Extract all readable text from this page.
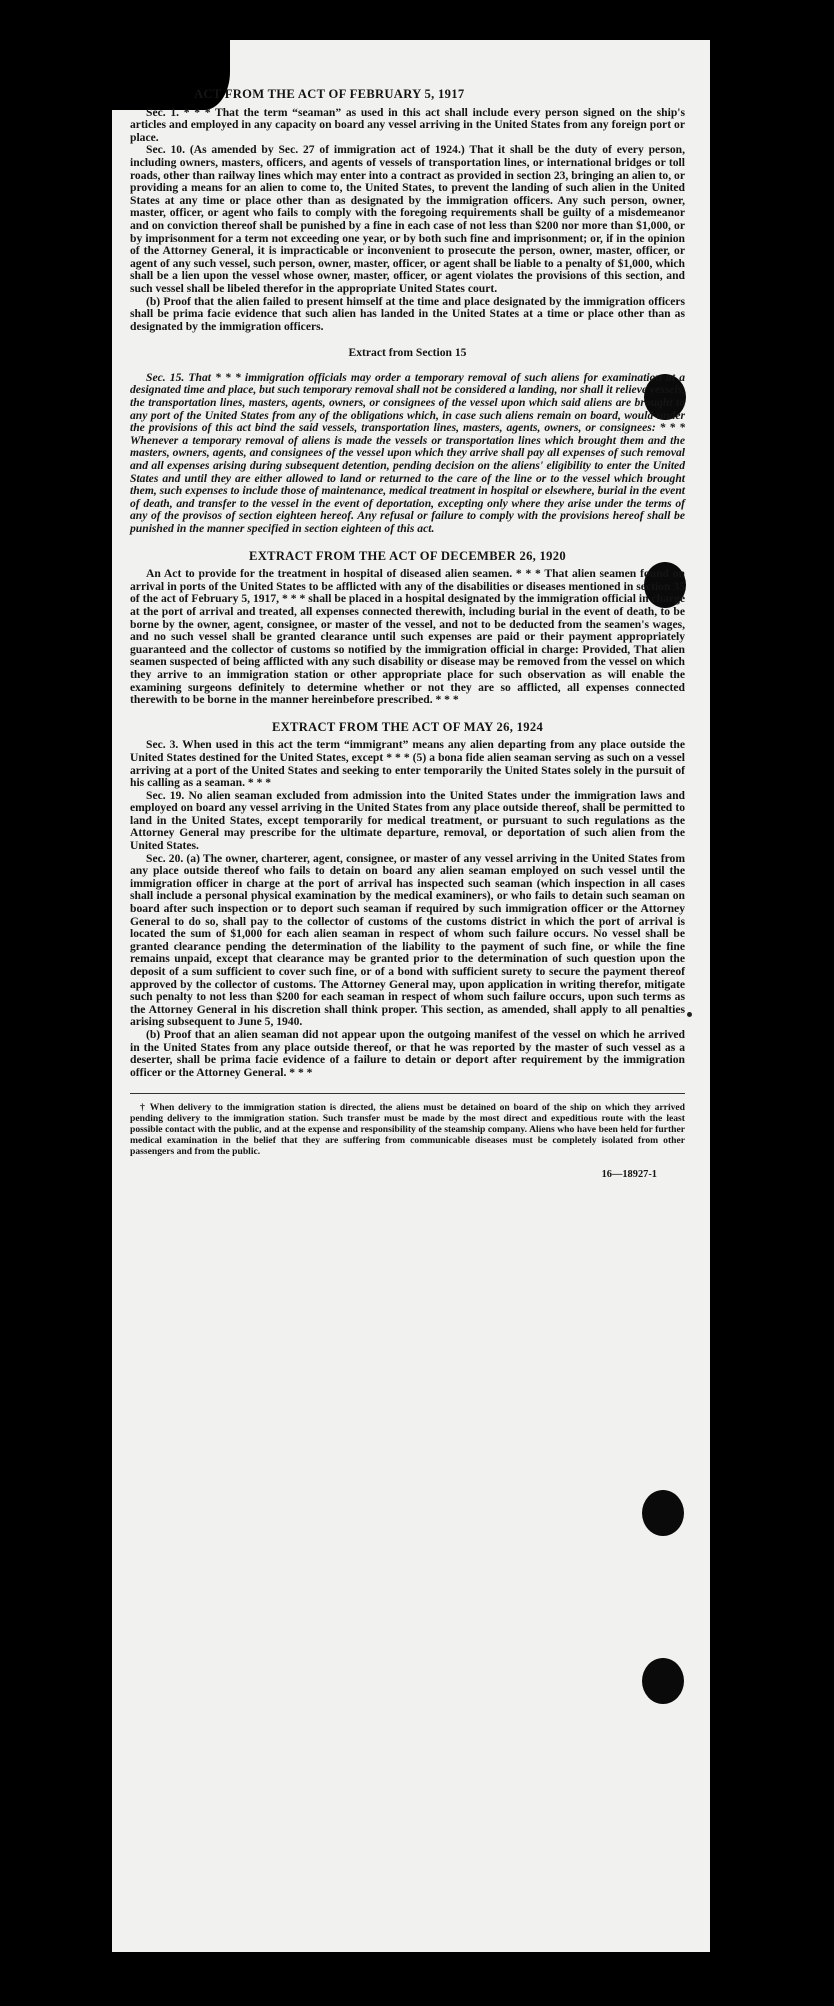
ACT FROM THE ACT OF FEBRUARY 5, 1917

Sec. 1. * * * That the term “seaman” as used in this act shall include every person signed on the ship's articles and employed in any capacity on board any vessel arriving in the United States from any foreign port or place.

Sec. 10. (As amended by Sec. 27 of immigration act of 1924.) That it shall be the duty of every person, including owners, masters, officers, and agents of vessels of transportation lines, or international bridges or toll roads, other than railway lines which may enter into a contract as provided in section 23, bringing an alien to, or providing a means for an alien to come to, the United States, to prevent the landing of such alien in the United States at any time or place other than as designated by the immigration officers. Any such person, owner, master, officer, or agent who fails to comply with the foregoing requirements shall be guilty of a misdemeanor and on conviction thereof shall be punished by a fine in each case of not less than $200 nor more than $1,000, or by imprisonment for a term not exceeding one year, or by both such fine and imprisonment; or, if in the opinion of the Attorney General, it is impracticable or inconvenient to prosecute the person, owner, master, officer, or agent of any such vessel, such person, owner, master, officer, or agent shall be liable to a penalty of $1,000, which shall be a lien upon the vessel whose owner, master, officer, or agent violates the provisions of this section, and such vessel shall be libeled therefor in the appropriate United States court.

(b) Proof that the alien failed to present himself at the time and place designated by the immigration officers shall be prima facie evidence that such alien has landed in the United States at a time or place other than as designated by the immigration officers.

Extract from Section 15

Sec. 15. That * * * immigration officials may order a temporary removal of such aliens for examination at a designated time and place, but such temporary removal shall not be considered a landing, nor shall it relieve vessels, the transportation lines, masters, agents, owners, or consignees of the vessel upon which said aliens are brought to any port of the United States from any of the obligations which, in case such aliens remain on board, would under the provisions of this act bind the said vessels, transportation lines, masters, agents, owners, or consignees: * * * Whenever a temporary removal of aliens is made the vessels or transportation lines which brought them and the masters, owners, agents, and consignees of the vessel upon which they arrive shall pay all expenses of such removal and all expenses arising during subsequent detention, pending decision on the aliens' eligibility to enter the United States and until they are either allowed to land or returned to the care of the line or to the vessel which brought them, such expenses to include those of maintenance, medical treatment in hospital or elsewhere, burial in the event of death, and transfer to the vessel in the event of deportation, excepting only where they arise under the terms of any of the provisos of section eighteen hereof. Any refusal or failure to comply with the provisions hereof shall be punished in the manner specified in section eighteen of this act.

EXTRACT FROM THE ACT OF DECEMBER 26, 1920

An Act to provide for the treatment in hospital of diseased alien seamen. * * * That alien seamen found on arrival in ports of the United States to be afflicted with any of the disabilities or diseases mentioned in section 35 of the act of February 5, 1917, * * * shall be placed in a hospital designated by the immigration official in charge at the port of arrival and treated, all expenses connected therewith, including burial in the event of death, to be borne by the owner, agent, consignee, or master of the vessel, and not to be deducted from the seamen's wages, and no such vessel shall be granted clearance until such expenses are paid or their payment appropriately guaranteed and the collector of customs so notified by the immigration official in charge: Provided, That alien seamen suspected of being afflicted with any such disability or disease may be removed from the vessel on which they arrive to an immigration station or other appropriate place for such observation as will enable the examining surgeons definitely to determine whether or not they are so afflicted, all expenses connected therewith to be borne in the manner hereinbefore prescribed. * * *

EXTRACT FROM THE ACT OF MAY 26, 1924

Sec. 3. When used in this act the term “immigrant” means any alien departing from any place outside the United States destined for the United States, except * * * (5) a bona fide alien seaman serving as such on a vessel arriving at a port of the United States and seeking to enter temporarily the United States solely in the pursuit of his calling as a seaman. * * *

Sec. 19. No alien seaman excluded from admission into the United States under the immigration laws and employed on board any vessel arriving in the United States from any place outside thereof, shall be permitted to land in the United States, except temporarily for medical treatment, or pursuant to such regulations as the Attorney General may prescribe for the ultimate departure, removal, or deportation of such alien from the United States.

Sec. 20. (a) The owner, charterer, agent, consignee, or master of any vessel arriving in the United States from any place outside thereof who fails to detain on board any alien seaman employed on such vessel until the immigration officer in charge at the port of arrival has inspected such seaman (which inspection in all cases shall include a personal physical examination by the medical examiners), or who fails to detain such seaman on board after such inspection or to deport such seaman if required by such immigration officer or the Attorney General to do so, shall pay to the collector of customs of the customs district in which the port of arrival is located the sum of $1,000 for each alien seaman in respect of whom such failure occurs. No vessel shall be granted clearance pending the determination of the liability to the payment of such fine, or while the fine remains unpaid, except that clearance may be granted prior to the determination of such question upon the deposit of a sum sufficient to cover such fine, or of a bond with sufficient surety to secure the payment thereof approved by the collector of customs. The Attorney General may, upon application in writing therefor, mitigate such penalty to not less than $200 for each seaman in respect of whom such failure occurs, upon such terms as the Attorney General in his discretion shall think proper. This section, as amended, shall apply to all penalties arising subsequent to June 5, 1940.

(b) Proof that an alien seaman did not appear upon the outgoing manifest of the vessel on which he arrived in the United States from any place outside thereof, or that he was reported by the master of such vessel as a deserter, shall be prima facie evidence of a failure to detain or deport after requirement by the immigration officer or the Attorney General. * * *

† When delivery to the immigration station is directed, the aliens must be detained on board of the ship on which they arrived pending delivery to the immigration station. Such transfer must be made by the most direct and expeditious route with the least possible contact with the public, and at the expense and responsibility of the steamship company. Aliens who have been held for further medical examination in the belief that they are suffering from communicable diseases must be completely isolated from other passengers and from the public.

16—18927-1
